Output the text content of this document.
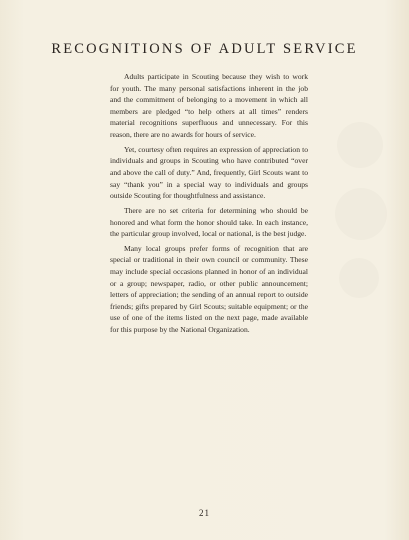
RECOGNITIONS OF ADULT SERVICE

Adults participate in Scouting because they wish to work for youth. The many personal satisfactions inherent in the job and the commitment of belonging to a movement in which all members are pledged “to help others at all times” renders material recognitions superfluous and unnecessary. For this reason, there are no awards for hours of service.

Yet, courtesy often requires an expression of appreciation to individuals and groups in Scouting who have contributed “over and above the call of duty.” And, frequently, Girl Scouts want to say “thank you” in a special way to individuals and groups outside Scouting for thoughtfulness and assistance.

There are no set criteria for determining who should be honored and what form the honor should take. In each instance, the particular group involved, local or national, is the best judge.

Many local groups prefer forms of recognition that are special or traditional in their own council or community. These may include special occasions planned in honor of an individual or a group; newspaper, radio, or other public announcement; letters of appreciation; the sending of an annual report to outside friends; gifts prepared by Girl Scouts; suitable equipment; or the use of one of the items listed on the next page, made available for this purpose by the National Organization.

21
